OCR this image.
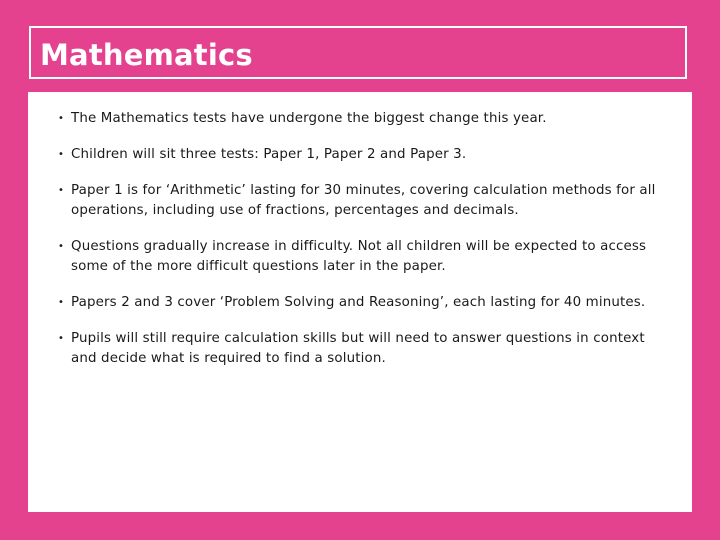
Mathematics
• The Mathematics tests have undergone the biggest change this year.
• Children will sit three tests: Paper 1, Paper 2 and Paper 3.
• Paper 1 is for ‘Arithmetic’ lasting for 30 minutes, covering calculation methods for all operations, including use of fractions, percentages and decimals.
• Questions gradually increase in difficulty. Not all children will be expected to access some of the more difficult questions later in the paper.
• Papers 2 and 3 cover ‘Problem Solving and Reasoning’, each lasting for 40 minutes.
• Pupils will still require calculation skills but will need to answer questions in context and decide what is required to find a solution.
